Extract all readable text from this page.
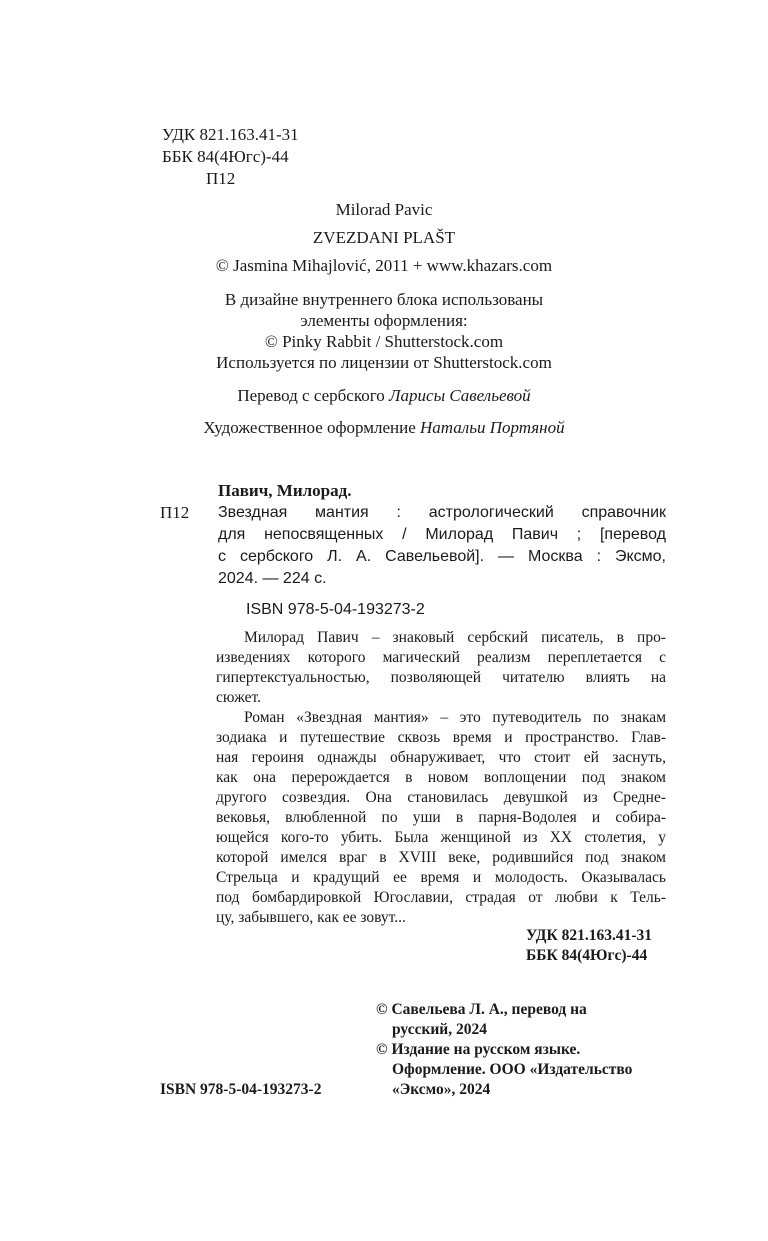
УДК 821.163.41-31
ББК 84(4Югс)-44
П12
Milorad Pavic
ZVEZDANI PLAŠT
© Jasmina Mihajlović, 2011 + www.khazars.com
В дизайне внутреннего блока использованы
элементы оформления:
© Pinky Rabbit / Shutterstock.com
Используется по лицензии от Shutterstock.com
Перевод с сербского Ларисы Савельевой
Художественное оформление Натальи Портяной
Павич, Милорад.
П12 Звездная мантия : астрологический справочник
для непосвященных / Милорад Павич ; [перевод
с сербского Л. А. Савельевой]. — Москва : Эксмо,
2024. — 224 с.
ISBN 978-5-04-193273-2
Милорад Павич – знаковый сербский писатель, в про-
изведениях которого магический реализм переплетается с
гипертекстуальностью, позволяющей читателю влиять на
сюжет.
Роман «Звездная мантия» – это путеводитель по знакам
зодиака и путешествие сквозь время и пространство. Глав-
ная героиня однажды обнаруживает, что стоит ей заснуть,
как она перерождается в новом воплощении под знаком
другого созвездия. Она становилась девушкой из Средне-
вековья, влюбленной по уши в парня-Водолея и собира-
ющейся кого-то убить. Была женщиной из XX столетия, у
которой имелся враг в XVIII веке, родившийся под знаком
Стрельца и крадущий ее время и молодость. Оказывалась
под бомбардировкой Югославии, страдая от любви к Тель-
цу, забывшего, как ее зовут...
УДК 821.163.41-31
ББК 84(4Югс)-44
© Савельева Л. А., перевод на
русский, 2024
© Издание на русском языке.
Оформление. ООО «Издательство
«Эксмо», 2024
ISBN 978-5-04-193273-2
